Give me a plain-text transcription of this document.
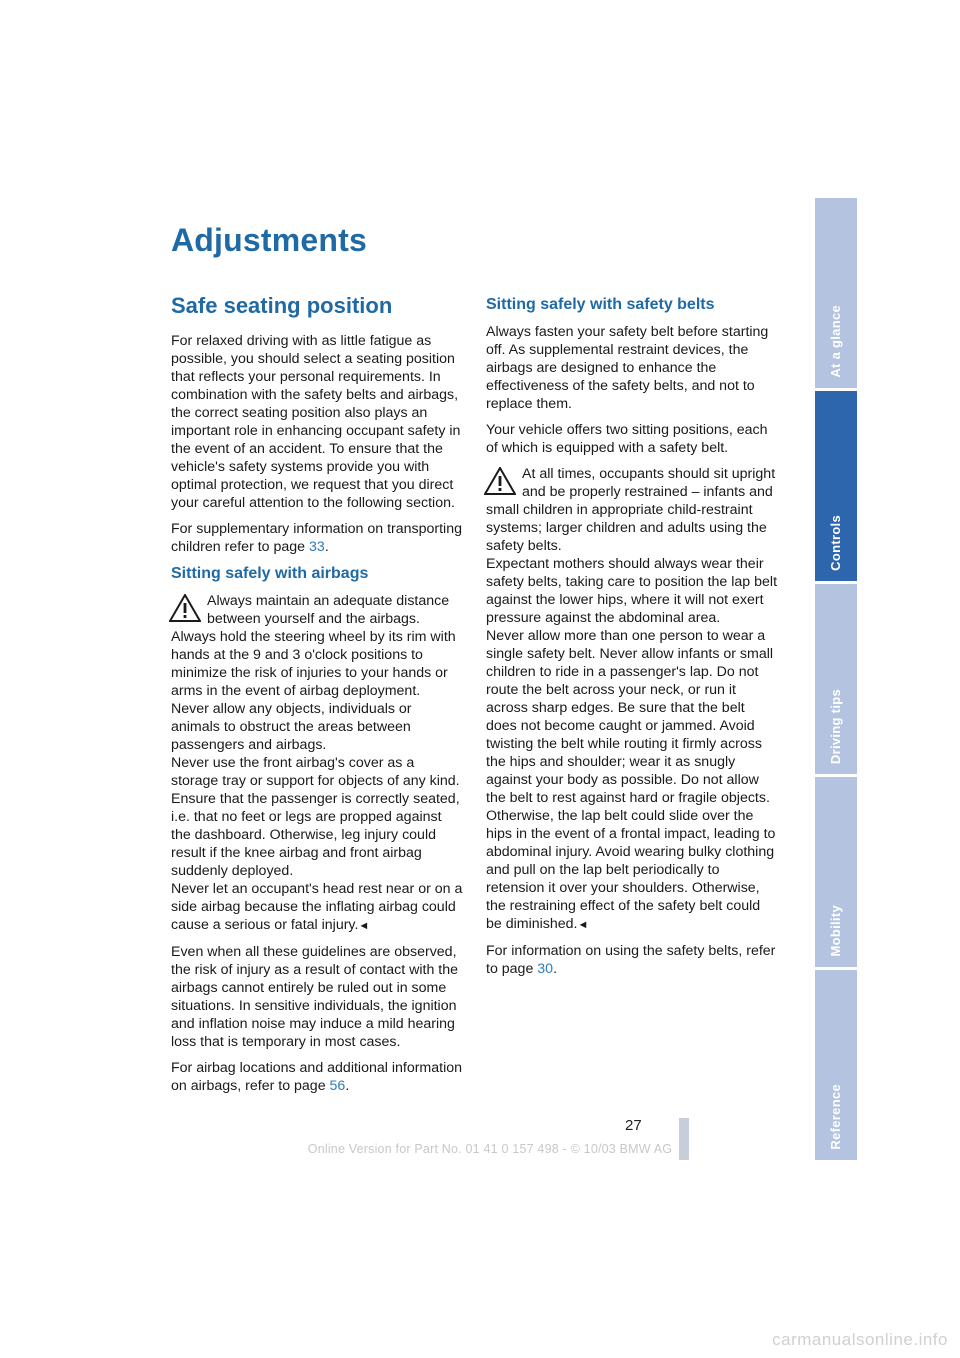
Adjustments
Safe seating position

For relaxed driving with as little fatigue as possible, you should select a seating position that reflects your personal requirements. In combination with the safety belts and airbags, the correct seating position also plays an important role in enhancing occupant safety in the event of an accident. To ensure that the vehicle's safety systems provide you with optimal protection, we request that you direct your careful attention to the following section.

For supplementary information on transporting children refer to page 33.

Sitting safely with airbags
Always maintain an adequate distance between yourself and the airbags. Always hold the steering wheel by its rim with hands at the 9 and 3 o'clock positions to minimize the risk of injuries to your hands or arms in the event of airbag deployment.
Never allow any objects, individuals or animals to obstruct the areas between passengers and airbags.
Never use the front airbag's cover as a storage tray or support for objects of any kind. Ensure that the passenger is correctly seated, i.e. that no feet or legs are propped against the dashboard. Otherwise, leg injury could result if the knee airbag and front airbag suddenly deployed.
Never let an occupant's head rest near or on a side airbag because the inflating airbag could cause a serious or fatal injury.◄

Even when all these guidelines are observed, the risk of injury as a result of contact with the airbags cannot entirely be ruled out in some situations. In sensitive individuals, the ignition and inflation noise may induce a mild hearing loss that is temporary in most cases.

For airbag locations and additional information on airbags, refer to page 56.

Sitting safely with safety belts

Always fasten your safety belt before starting off. As supplemental restraint devices, the airbags are designed to enhance the effectiveness of the safety belts, and not to replace them.

Your vehicle offers two sitting positions, each of which is equipped with a safety belt.

At all times, occupants should sit upright and be properly restrained – infants and small children in appropriate child-restraint systems; larger children and adults using the safety belts.
Expectant mothers should always wear their safety belts, taking care to position the lap belt against the lower hips, where it will not exert pressure against the abdominal area.
Never allow more than one person to wear a single safety belt. Never allow infants or small children to ride in a passenger's lap. Do not route the belt across your neck, or run it across sharp edges. Be sure that the belt does not become caught or jammed. Avoid twisting the belt while routing it firmly across the hips and shoulder; wear it as snugly against your body as possible. Do not allow the belt to rest against hard or fragile objects. Otherwise, the lap belt could slide over the hips in the event of a frontal impact, leading to abdominal injury. Avoid wearing bulky clothing and pull on the lap belt periodically to retension it over your shoulders. Otherwise, the restraining effect of the safety belt could be diminished.◄

For information on using the safety belts, refer to page 30.

At a glance
Controls
Driving tips
Mobility
Reference
27
Online Version for Part No. 01 41 0 157 498 - © 10/03 BMW AG
carmanualsonline.info
